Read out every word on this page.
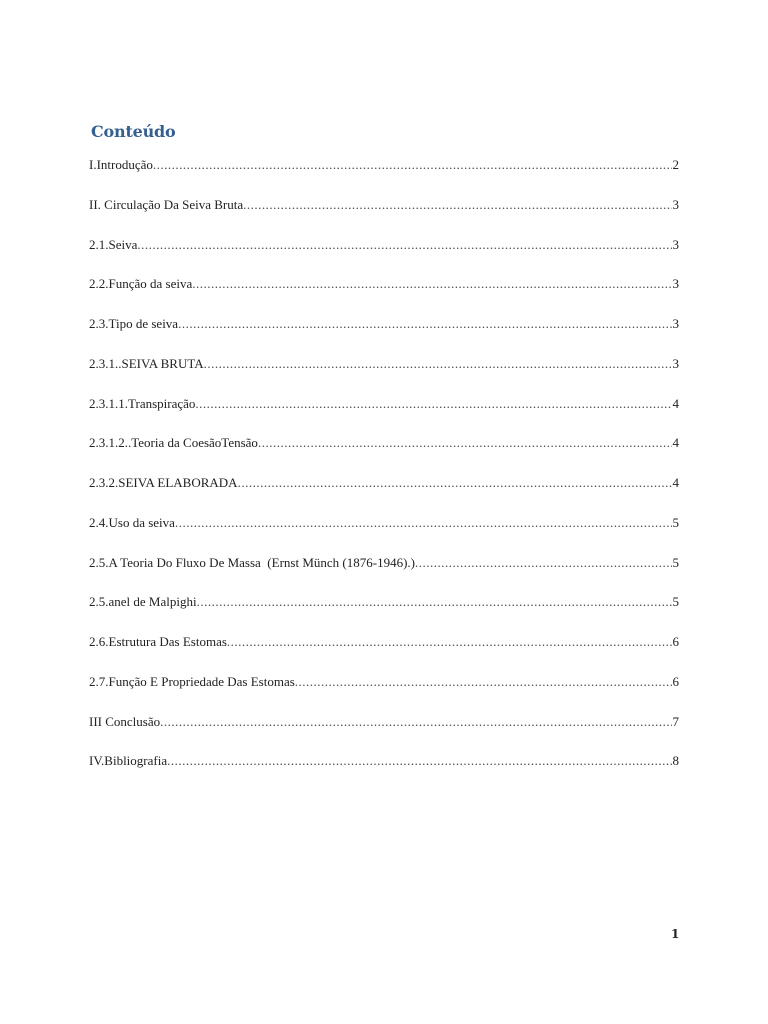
Conteúdo
I.Introdução .....	2
II. Circulação Da Seiva Bruta .....	3
2.1.Seiva .....	3
2.2.Função da seiva .....	3
2.3.Tipo de seiva .....	3
2.3.1..SEIVA BRUTA .....	3
2.3.1.1.Transpiração .....	4
2.3.1.2..Teoria da CoesãoTensão .....	4
2.3.2.SEIVA ELABORADA .....	4
2.4.Uso da seiva .....	5
2.5.A Teoria Do Fluxo De Massa  (Ernst Münch (1876-1946).) .....	5
2.5.anel de Malpighi .....	5
2.6.Estrutura Das Estomas .....	6
2.7.Função E Propriedade Das Estomas .....	6
III Conclusão .....	7
IV.Bibliografia .....	8
1
